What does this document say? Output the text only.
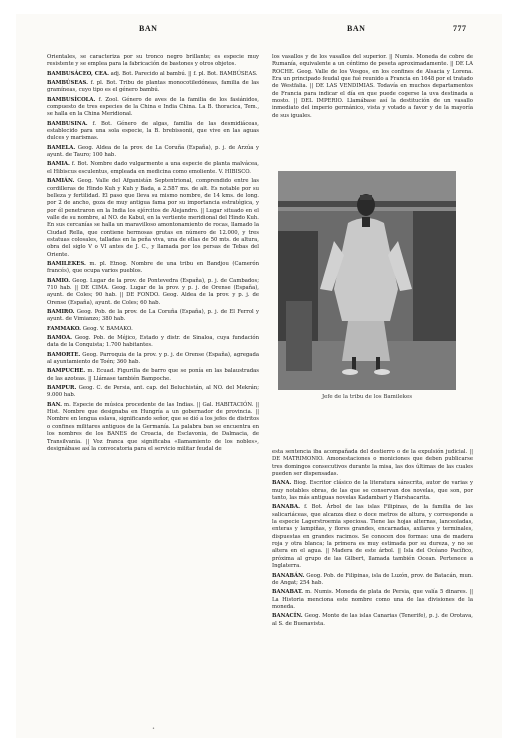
BAN	BAN	777

Orientales, se caracteriza por su tronco negro brillante; es especie muy resistente y se emplea para la fabricación de bastones y otros objetos.

BAMBUSÁCEO, CEA. adj. Bot. Parecido al bambú. || f. pl. Bot. BAMBÚSEAS.

BAMBÚSEAS. f. pl. Bot. Tribu de plantas monocotiledóneas, familia de las gramíneas, cuyo tipo es el género bambú.

BAMBUSÍCOLA. f. Zool. Género de aves de la familia de los fasiánidos, compuesto de tres especies de la China e India China. La B. thoracica, Tem., se halla en la China Meridional.

BAMBUSINA. f. Bot. Género de algas, familia de las desmidiáceas, establecido para una sola especie, la B. brebissonii, que vive en las aguas dulces y marismas.

BAMELA. Geog. Aldea de la prov. de La Coruña (España), p. j. de Arzúa y ayunt. de Tauro; 100 hab.

BAMIA. f. Bot. Nombre dado vulgarmente a una especie de planta malvácea, el Hibiscus esculentus, empleada en medicina como emoliente. V. HIBISCO.

BAMIÁN. Geog. Valle del Afganistán Septentrional, comprendido entre las cordilleras de Hindo Kuh y Kuh y Bada, a 2.587 ms. de alt. Es notable por su belleza y fertilidad. El paso que lleva su mismo nombre, de 14 kms. de long. por 2 de ancho, goza de muy antigua fama por su importancia estratégica, y por él penetraron en la India los ejércitos de Alejandro. || Lugar situado en el valle de su nombre, al NO. de Kabul, en la vertiente meridional del Hindo Kuh. En sus cercanías se halla un maravilloso amontonamiento de rocas, llamado la Ciudad Rella, que contiene hermosas grutas en número de 12.000, y tres estatuas colosales, talladas en la peña viva, una de ellas de 50 mts. de altura, obra del siglo V o VI antes de J. C., y llamada por los persas de Tebas del Oriente.

BAMILEKES. m. pl. Etnog. Nombre de una tribu en Bandjou (Camerón francés), que ocupa varios pueblos.

BAMIO. Geog. Lugar de la prov. de Pontevedra (España), p. j. de Cambados; 710 hab. || DE CIMA. Geog. Lugar de la prov. y p. j. de Orense (España), ayunt. de Coles; 90 hab. || DE FONDO. Geog. Aldea de la prov. y p. j. de Orense (España), ayunt. de Coles; 60 hab.

BAMIRO. Geog. Pob. de la prov. de La Coruña (España), p. j. de El Ferrol y ayunt. de Vimianzo; 380 hab.

FAMMAKO. Geog. V. BAMAKO.

BAMOA. Geog. Pob. de Méjico, Estado y distr. de Sinaloa, cuya fundación data de la Conquista; 1.700 habitantes.

BAMORTE. Geog. Parroquia de la prov. y p. j. de Orense (España), agregada al ayuntamiento de Toén; 360 hab.

BAMPUCHE. m. Ecuad. Figurilla de barro que se ponía en las balaustradas de las azoteas. || Llámase también Bampoche.

BAMPUR. Geog. C. de Persia, ant. cap. del Beluchistán, al NO. del Mekrán; 9.000 hab.

BAN. m. Especie de música procedente de las Indias. || Gal. HABITACIÓN. || Hist. Nombre que designaba en Hungría a un gobernador de provincia. || Nombre en lengua eslava, significando señor, que se dió a los jefes de distritos o confines militares antiguos de la Germanía. La palabra ban se encuentra en los nombres de los BANES de Croacia, de Esclavonia, de Dalmacia, de Transilvania. || Voz franca que significaba «llamamiento de los nobles», designábase así la convocatoria para el servicio militar feudal de

los vasallos y de los vasallos del superior. || Numis. Moneda de cobre de Rumanía, equivalente a un céntimo de peseta aproximadamente. || DE LA ROCHE. Geog. Valle de los Vosgos, en los confines de Alsacia y Lorena. Era un principado feudal que fué reunido a Francia en 1648 por el tratado de Westfalia. || DE LAS VENDIMIAS. Todavía en muchos departamentos de Francia para indicar el día en que puede cogerse la uva destinada a mosto. || DEL IMPERIO. Llamábase así la destitución de un vasallo inmediato del imperio germánico, vista y votado a favor y de la mayoría de sus iguales.

Jefe de la tribu de los Bamilekes

esta sentencia iba acompañada del destierro o de la expulsión judicial. || DE MATRIMONIO. Amonestaciones o moniciones que deben publicarse tres domingos consecutivos durante la misa, las dos últimas de las cuales pueden ser dispensadas.

BANA. Biog. Escritor clásico de la literatura sánscrita, autor de varias y muy notables obras, de las que se conservan dos novelas, que son, por tanto, las más antiguas novelas Kadambari y Harshacarita.

BANABA. f. Bot. Árbol de las islas Filipinas, de la familia de las salicariáceas, que alcanza diez o doce metros de altura, y corresponde a la especie Lagerstroemia speciosa. Tiene las hojas alternas, lanceoladas, enteras y lampiñas, y flores grandes, encarnadas, axilares y terminales, dispuestas en grandes racimos. Se conocen dos formas: una de madera roja y otra blanca; la primera es muy estimada por su dureza, y no se altera en el agua. || Madera de este árbol. || Isla del Océano Pacífico, próxima al grupo de las Gilbert, llamada también Ocean. Pertenece a Inglaterra.

BANABÁN. Geog. Pob. de Filipinas, isla de Luzón, prov. de Batacán, mun. de Angat; 254 hab.

BANABAT. m. Numis. Moneda de plata de Persia, que valía 5 dinares. || La Historia menciona este nombre como una de las divisiones de la moneda.

BANACÍN. Geog. Monte de las islas Canarias (Tenerife), p. j. de Orotava, al S. de Buenavista.

•
